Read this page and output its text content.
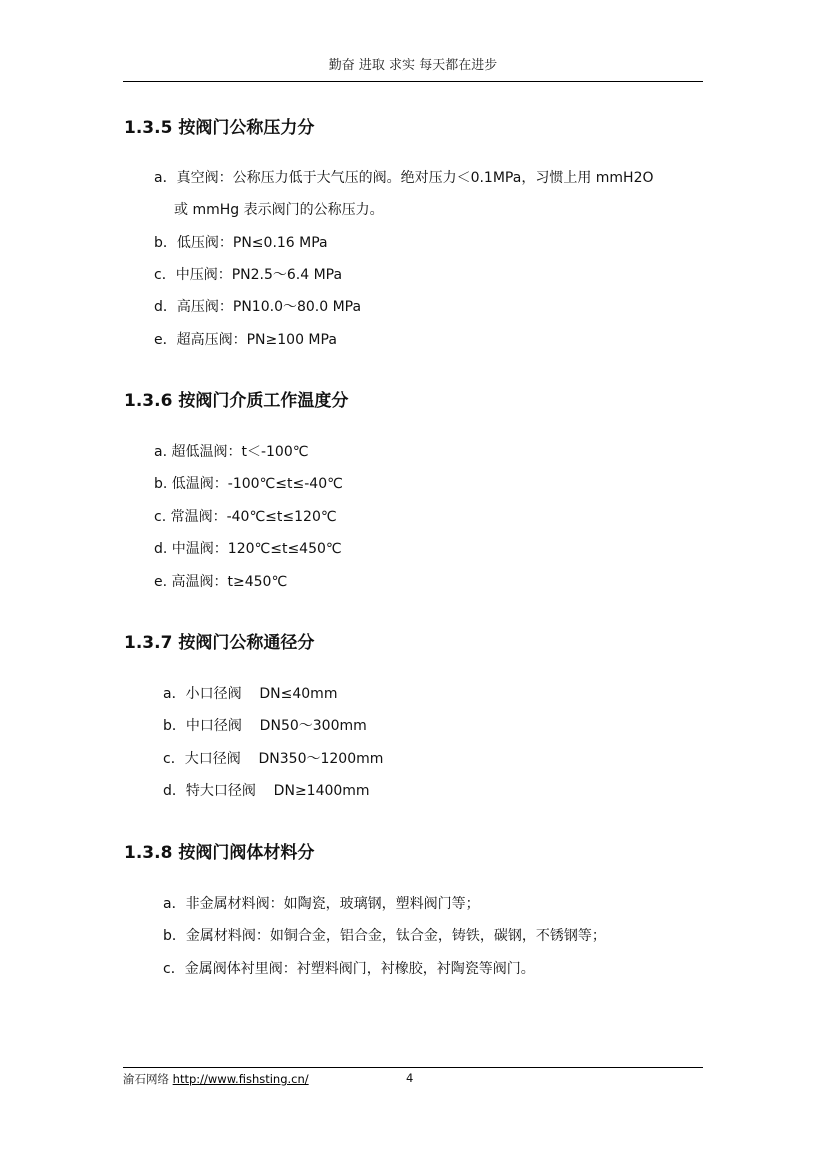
勤奋 进取 求实 每天都在进步
1.3.5 按阀门公称压力分
a．真空阀：公称压力低于大气压的阀。绝对压力＜0.1MPa，习惯上用 mmH2O
或 mmHg 表示阀门的公称压力。
b．低压阀：PN≤0.16 MPa
c．中压阀：PN2.5～6.4 MPa
d．高压阀：PN10.0～80.0 MPa
e．超高压阀：PN≥100 MPa
1.3.6 按阀门介质工作温度分
a. 超低温阀：t＜-100℃
b. 低温阀：-100℃≤t≤-40℃
c. 常温阀：-40℃≤t≤120℃
d. 中温阀：120℃≤t≤450℃
e. 高温阀：t≥450℃
1.3.7 按阀门公称通径分
a．小口径阀    DN≤40mm
b．中口径阀    DN50～300mm
c．大口径阀    DN350～1200mm
d．特大口径阀    DN≥1400mm
1.3.8 按阀门阀体材料分
a．非金属材料阀：如陶瓷，玻璃钢，塑料阀门等；
b．金属材料阀：如铜合金，铝合金，钛合金，铸铁，碳钢，不锈钢等；
c．金属阀体衬里阀：衬塑料阀门，衬橡胶，衬陶瓷等阀门。
渝石网络 http://www.fishsting.cn/	4
